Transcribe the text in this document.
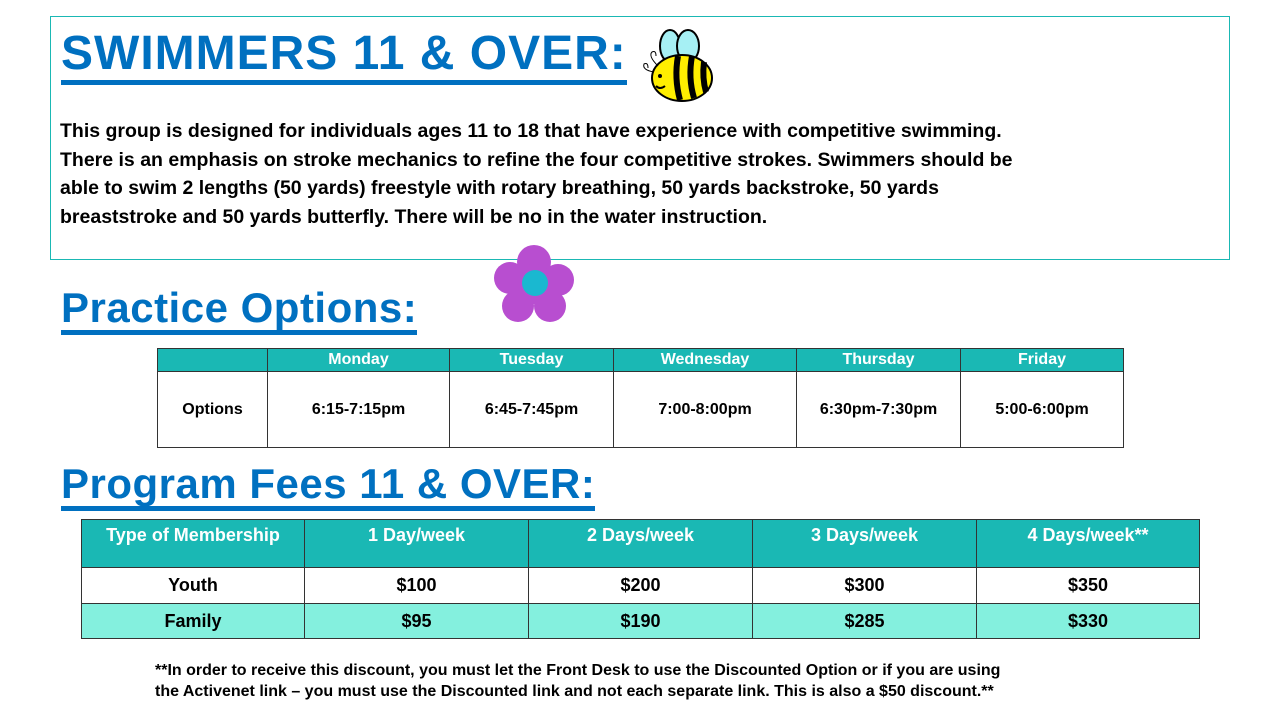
SWIMMERS 11 & OVER:
This group is designed for individuals ages 11 to 18 that have experience with competitive swimming.
There is an emphasis on stroke mechanics to refine the four competitive strokes. Swimmers should be
able to swim 2 lengths (50 yards) freestyle with rotary breathing, 50 yards backstroke, 50 yards
breaststroke and 50 yards butterfly. There will be no in the water instruction.
Practice Options:
	Monday	Tuesday	Wednesday	Thursday	Friday
Options	6:15-7:15pm	6:45-7:45pm	7:00-8:00pm	6:30pm-7:30pm	5:00-6:00pm
Program Fees 11 & OVER:
Type of Membership	1 Day/week	2 Days/week	3 Days/week	4 Days/week**
Youth	$100	$200	$300	$350
Family	$95	$190	$285	$330
**In order to receive this discount, you must let the Front Desk to use the Discounted Option or if you are using
the Activenet link – you must use the Discounted link and not each separate link. This is also a $50 discount.**
